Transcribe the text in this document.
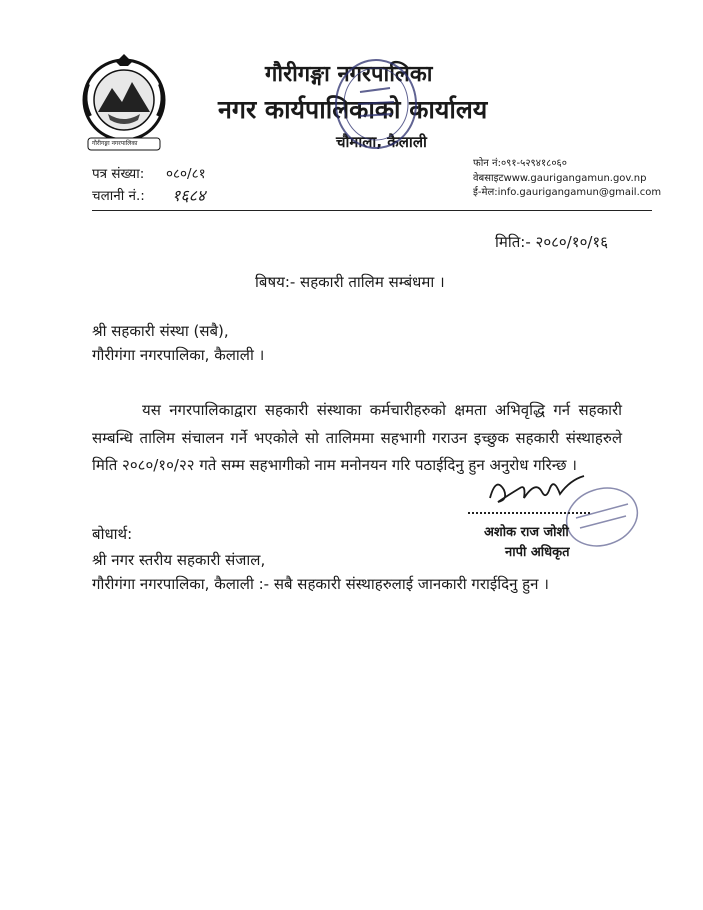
गौरीगङ्गा नगरपालिका
गौरीगङ्गा नगरपालिका
नगर कार्यपालिकाको कार्यालय
चौमाला, कैलाली
पत्र संख्या: ०८०/८१
चलानी नं.: १६८४
फोन नं:०९१-५२९४१८०६०
वेबसाइटwww.gaurigangamun.gov.np
ई-मेल:info.gaurigangamun@gmail.com
मिति:- २०८०/१०/१६
बिषय:- सहकारी तालिम सम्बंधमा ।
श्री सहकारी संस्था (सबै),
गौरीगंगा नगरपालिका, कैलाली ।
यस नगरपालिकाद्वारा सहकारी संस्थाका कर्मचारीहरुको क्षमता अभिवृद्धि गर्न सहकारी सम्बन्धि तालिम संचालन गर्ने भएकोले सो तालिममा सहभागी गराउन इच्छुक सहकारी संस्थाहरुले मिति २०८०/१०/२२ गते सम्म सहभागीको नाम मनोनयन गरि पठाईदिनु हुन अनुरोध गरिन्छ ।
अशोक राज जोशी
नापी अधिकृत
बोधार्थ:
श्री नगर स्तरीय सहकारी संजाल,
गौरीगंगा नगरपालिका, कैलाली :- सबै सहकारी संस्थाहरुलाई जानकारी गराईदिनु हुन ।
